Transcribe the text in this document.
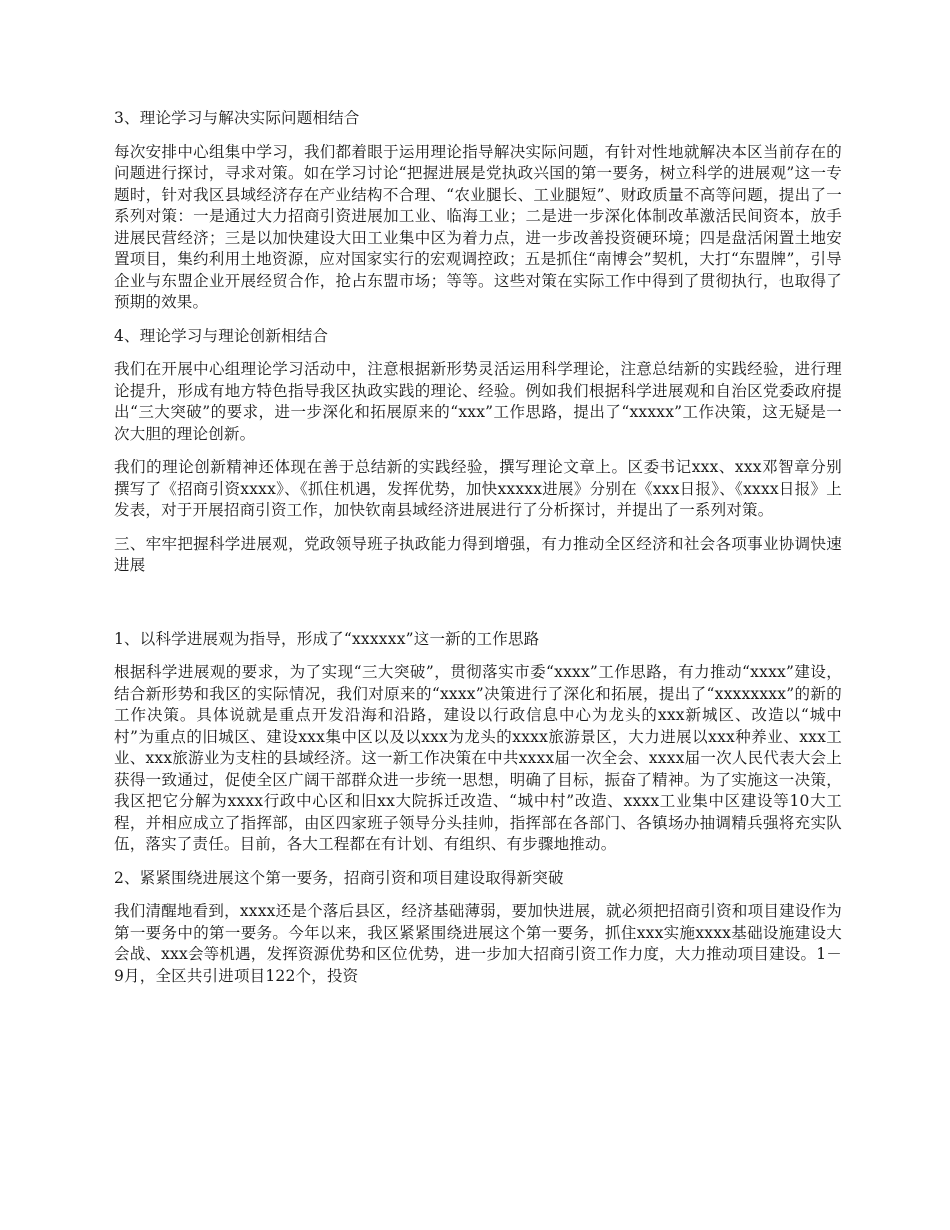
3、理论学习与解决实际问题相结合

每次安排中心组集中学习，我们都着眼于运用理论指导解决实际问题，有针对性地就解决本区当前存在的问题进行探讨，寻求对策。如在学习讨论“把握进展是党执政兴国的第一要务，树立科学的进展观”这一专题时，针对我区县域经济存在产业结构不合理、“农业腿长、工业腿短”、财政质量不高等问题，提出了一系列对策：一是通过大力招商引资进展加工业、临海工业；二是进一步深化体制改革激活民间资本，放手进展民营经济；三是以加快建设大田工业集中区为着力点，进一步改善投资硬环境；四是盘活闲置土地安置项目，集约利用土地资源，应对国家实行的宏观调控政；五是抓住“南博会”契机，大打“东盟牌”，引导企业与东盟企业开展经贸合作，抢占东盟市场；等等。这些对策在实际工作中得到了贯彻执行，也取得了预期的效果。

4、理论学习与理论创新相结合

我们在开展中心组理论学习活动中，注意根据新形势灵活运用科学理论，注意总结新的实践经验，进行理论提升，形成有地方特色指导我区执政实践的理论、经验。例如我们根据科学进展观和自治区党委政府提出“三大突破”的要求，进一步深化和拓展原来的“xxx”工作思路，提出了“xxxxx”工作决策，这无疑是一次大胆的理论创新。

我们的理论创新精神还体现在善于总结新的实践经验，撰写理论文章上。区委书记xxx、xxx邓智章分别撰写了《招商引资xxxx》、《抓住机遇，发挥优势，加快xxxxx进展》分别在《xxx日报》、《xxxx日报》上发表，对于开展招商引资工作，加快钦南县域经济进展进行了分析探讨，并提出了一系列对策。

三、牢牢把握科学进展观，党政领导班子执政能力得到增强，有力推动全区经济和社会各项事业协调快速进展

1、以科学进展观为指导，形成了“xxxxxx”这一新的工作思路

根据科学进展观的要求，为了实现“三大突破”，贯彻落实市委“xxxx”工作思路，有力推动“xxxx”建设，结合新形势和我区的实际情况，我们对原来的“xxxx”决策进行了深化和拓展，提出了“xxxxxxxx”的新的工作决策。具体说就是重点开发沿海和沿路，建设以行政信息中心为龙头的xxx新城区、改造以“城中村”为重点的旧城区、建设xxx集中区以及以xxx为龙头的xxxx旅游景区，大力进展以xxx种养业、xxx工业、xxx旅游业为支柱的县域经济。这一新工作决策在中共xxxx届一次全会、xxxx届一次人民代表大会上获得一致通过，促使全区广阔干部群众进一步统一思想，明确了目标，振奋了精神。为了实施这一决策，我区把它分解为xxxx行政中心区和旧xx大院拆迁改造、“城中村”改造、xxxx工业集中区建设等10大工程，并相应成立了指挥部，由区四家班子领导分头挂帅，指挥部在各部门、各镇场办抽调精兵强将充实队伍，落实了责任。目前，各大工程都在有计划、有组织、有步骤地推动。

2、紧紧围绕进展这个第一要务，招商引资和项目建设取得新突破

我们清醒地看到，xxxx还是个落后县区，经济基础薄弱，要加快进展，就必须把招商引资和项目建设作为第一要务中的第一要务。今年以来，我区紧紧围绕进展这个第一要务，抓住xxx实施xxxx基础设施建设大会战、xxx会等机遇，发挥资源优势和区位优势，进一步加大招商引资工作力度，大力推动项目建设。1－9月，全区共引进项目122个，投资
